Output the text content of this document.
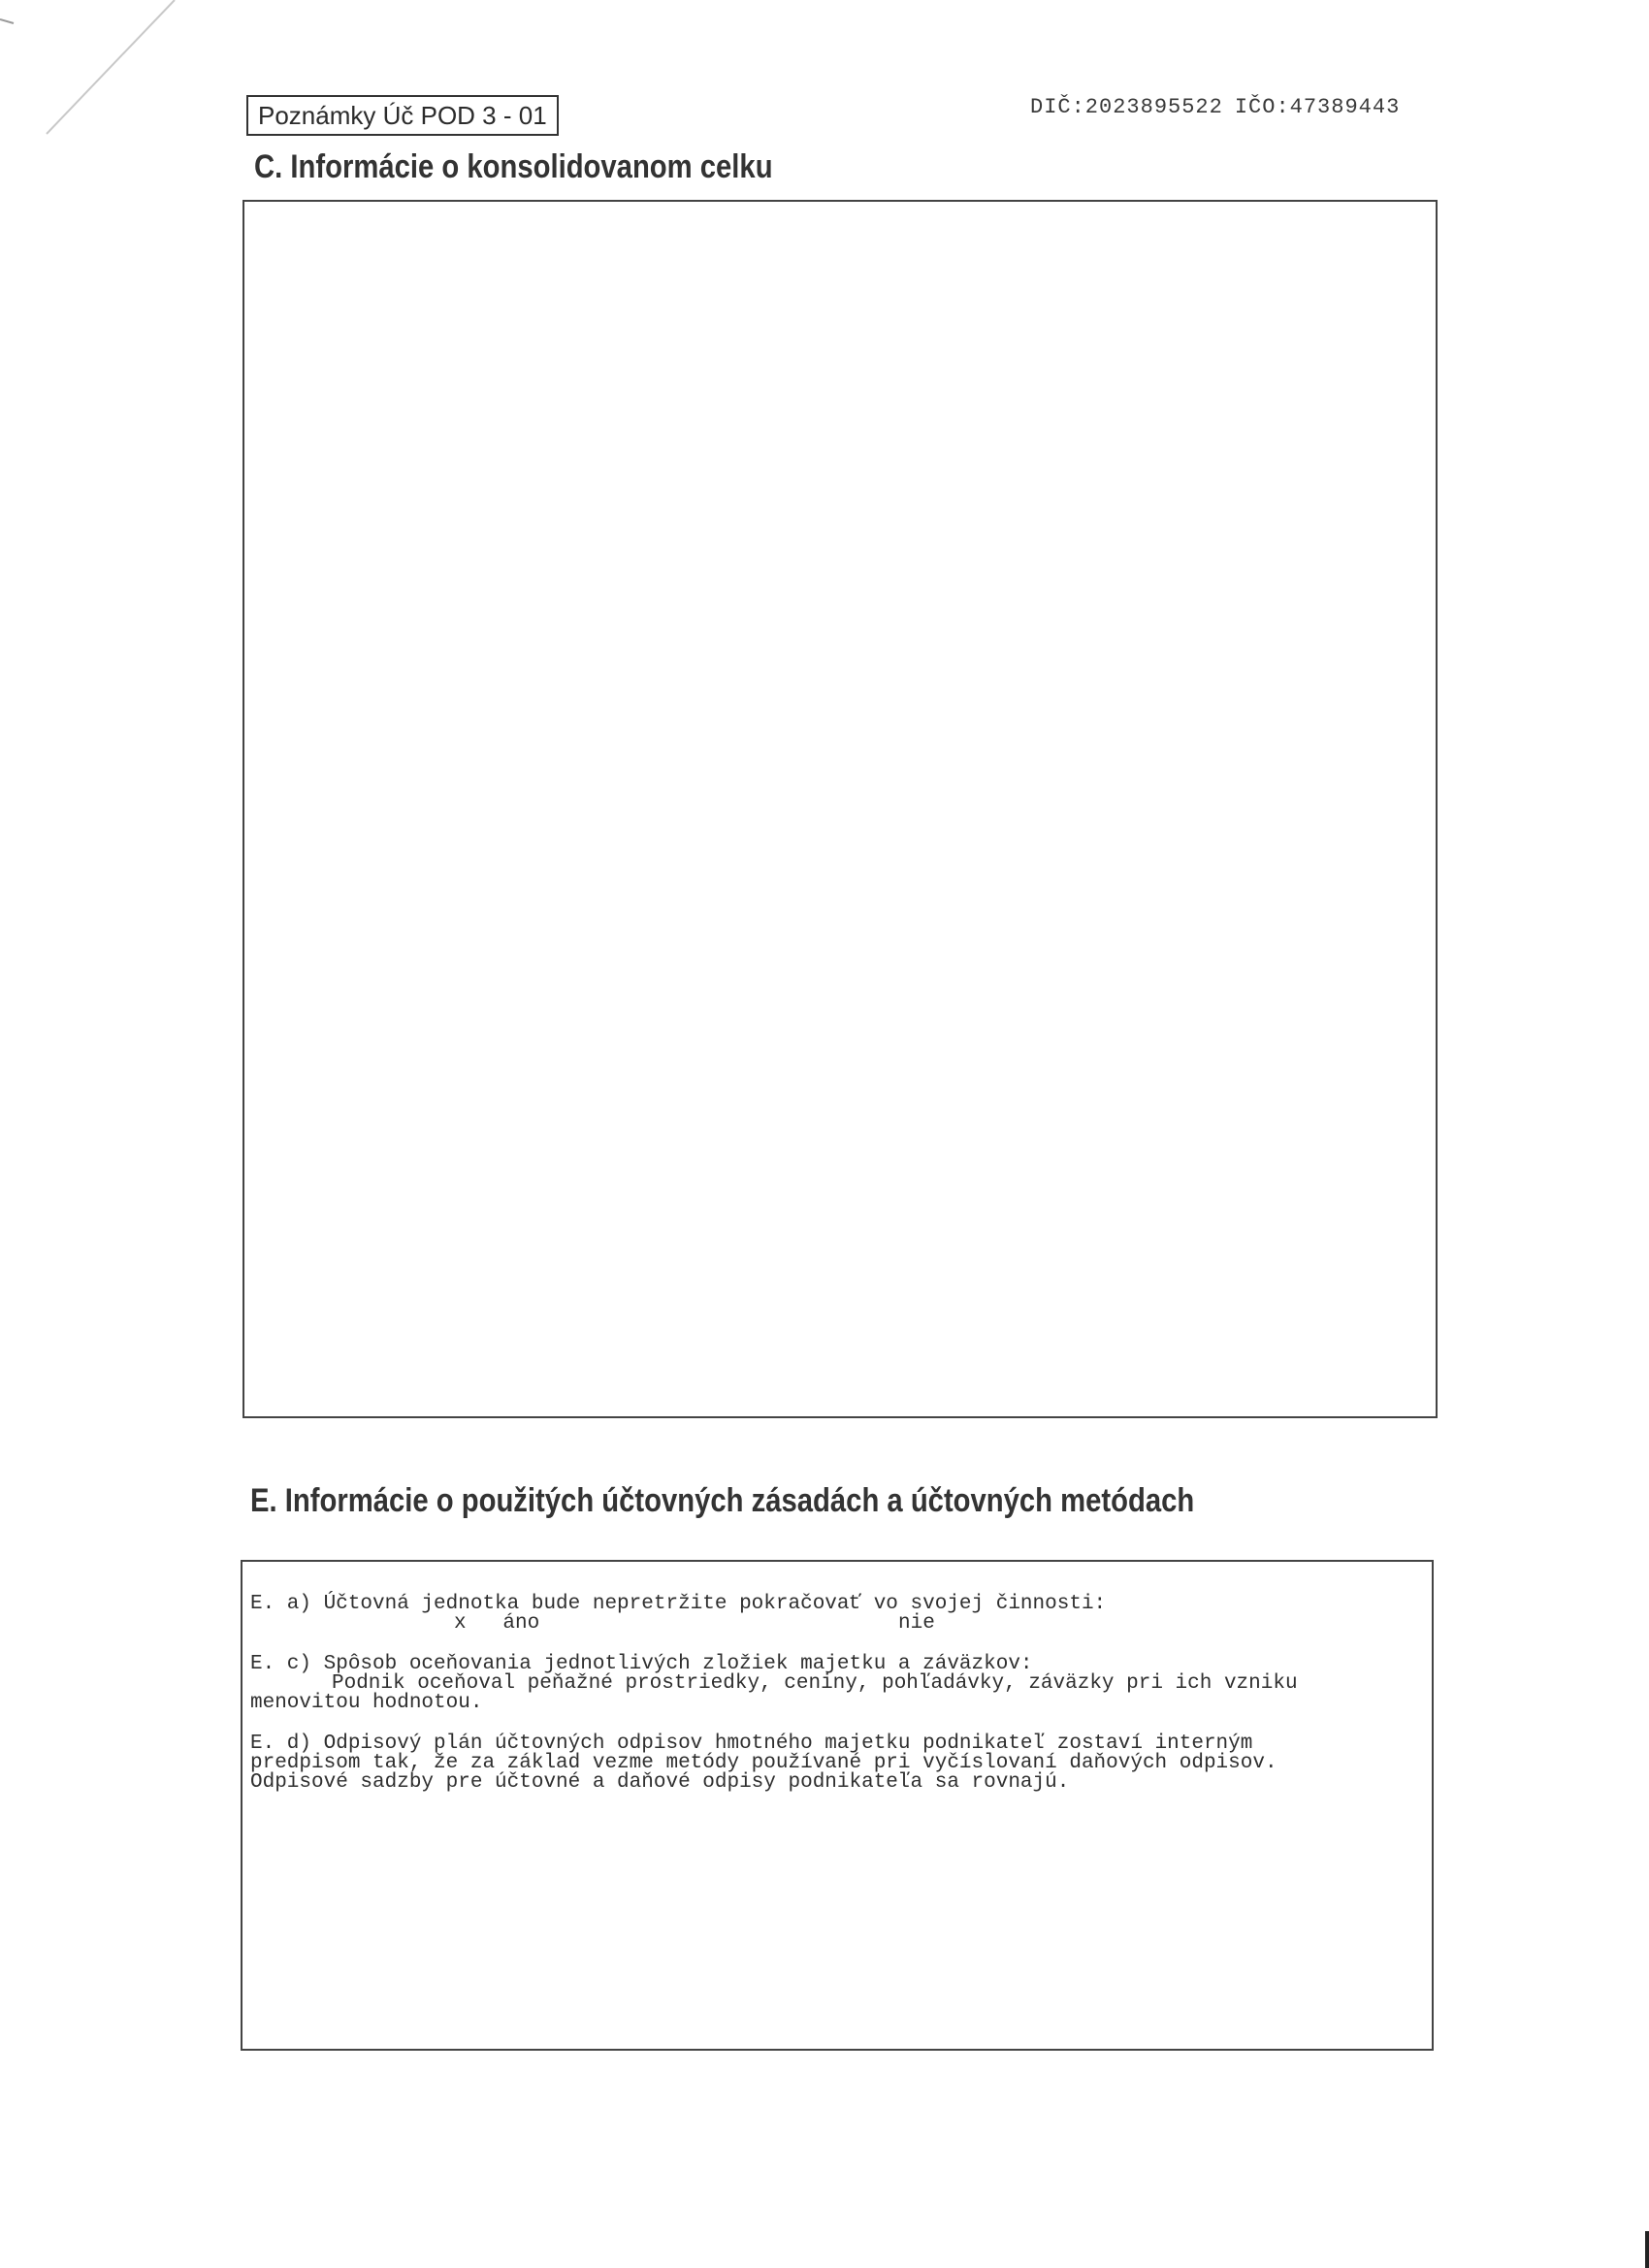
Poznámky Úč POD 3 - 01	DIČ:2023895522 IČO:47389443
C. Informácie o konsolidovanom celku
E. Informácie o použitých účtovných zásadách a účtovných metódach
E. a) Účtovná jednotka bude nepretržite pokračovať vo svojej činnosti:
x   áno	nie
E. c) Spôsob oceňovania jednotlivých zložiek majetku a záväzkov:
Podnik oceňoval peňažné prostriedky, ceniny, pohľadávky, záväzky pri ich vzniku
menovitou hodnotou.
E. d) Odpisový plán účtovných odpisov hmotného majetku podnikateľ zostaví interným
predpisom tak, že za základ vezme metódy používané pri vyčíslovaní daňových odpisov.
Odpisové sadzby pre účtovné a daňové odpisy podnikateľa sa rovnajú.
